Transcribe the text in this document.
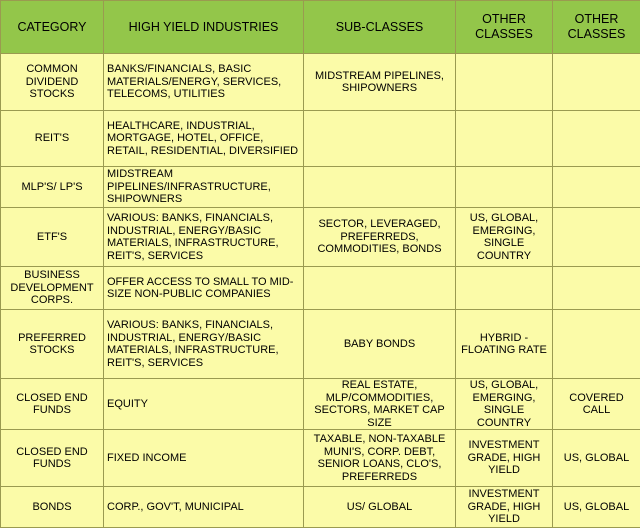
CATEGORY	HIGH YIELD INDUSTRIES	SUB-CLASSES	OTHER CLASSES	OTHER CLASSES
COMMON DIVIDEND STOCKS	BANKS/FINANCIALS, BASIC MATERIALS/ENERGY, SERVICES, TELECOMS, UTILITIES	MIDSTREAM PIPELINES, SHIPOWNERS		
REIT'S	HEALTHCARE, INDUSTRIAL, MORTGAGE, HOTEL, OFFICE, RETAIL, RESIDENTIAL, DIVERSIFIED			
MLP'S/ LP'S	MIDSTREAM PIPELINES/INFRASTRUCTURE, SHIPOWNERS			
ETF'S	VARIOUS: BANKS, FINANCIALS, INDUSTRIAL, ENERGY/BASIC MATERIALS, INFRASTRUCTURE, REIT'S, SERVICES	SECTOR, LEVERAGED, PREFERREDS, COMMODITIES, BONDS	US, GLOBAL, EMERGING, SINGLE COUNTRY	
BUSINESS DEVELOPMENT CORPS.	OFFER ACCESS TO SMALL TO MID-SIZE NON-PUBLIC COMPANIES			
PREFERRED STOCKS	VARIOUS: BANKS, FINANCIALS, INDUSTRIAL, ENERGY/BASIC MATERIALS, INFRASTRUCTURE, REIT'S, SERVICES	BABY BONDS	HYBRID - FLOATING RATE	
CLOSED END FUNDS	EQUITY	REAL ESTATE, MLP/COMMODITIES, SECTORS, MARKET CAP SIZE	US, GLOBAL, EMERGING, SINGLE COUNTRY	COVERED CALL
CLOSED END FUNDS	FIXED INCOME	TAXABLE, NON-TAXABLE MUNI'S, CORP. DEBT, SENIOR LOANS, CLO'S, PREFERREDS	INVESTMENT GRADE, HIGH YIELD	US, GLOBAL
BONDS	CORP., GOV'T, MUNICIPAL	US/ GLOBAL	INVESTMENT GRADE, HIGH YIELD	US, GLOBAL
